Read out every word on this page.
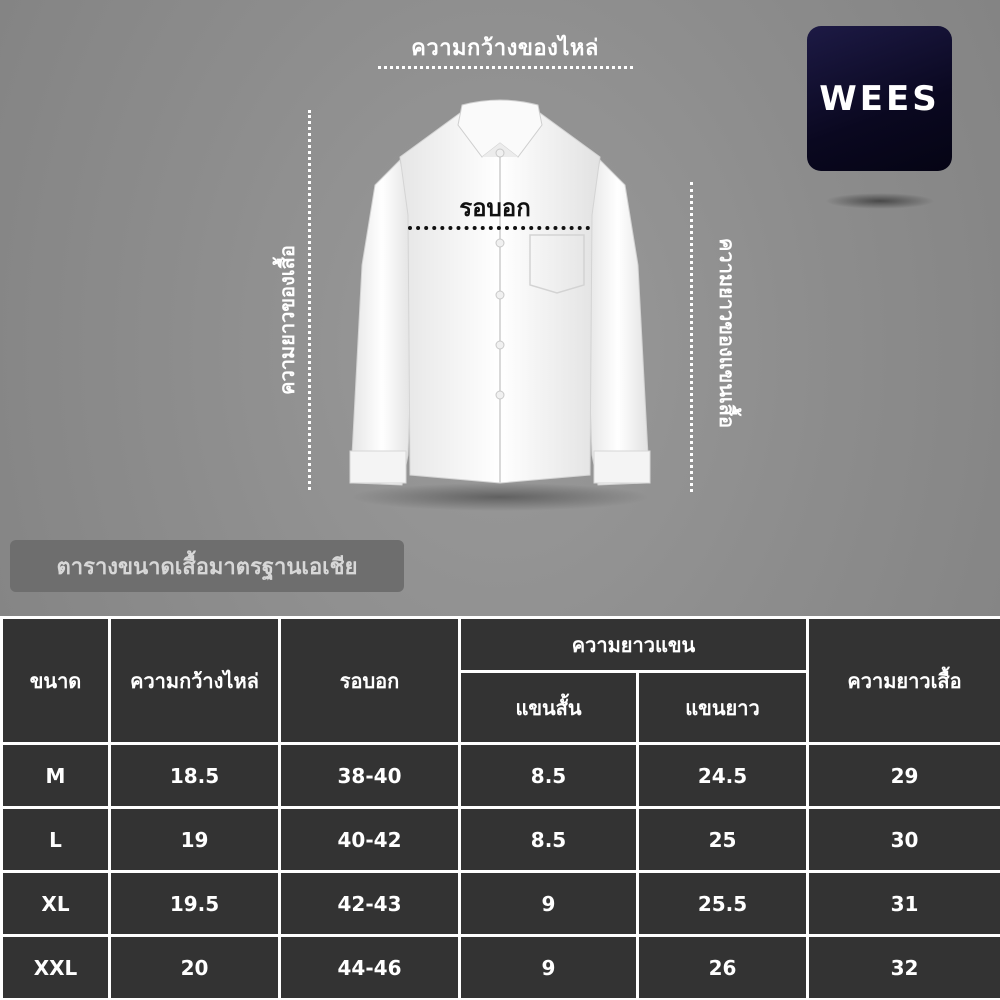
ความกว้างของไหล่
ความยาวของเสื้อ	ความยาวของแขนเสื้อ
รอบอก
WEES
ตารางขนาดเสื้อมาตรฐานเอเชีย
ขนาด	ความกว้างไหล่	รอบอก	ความยาวแขน		ความยาวเสื้อ
			แขนสั้น	แขนยาว	
M	18.5	38-40	8.5	24.5	29
L	19	40-42	8.5	25	30
XL	19.5	42-43	9	25.5	31
XXL	20	44-46	9	26	32
